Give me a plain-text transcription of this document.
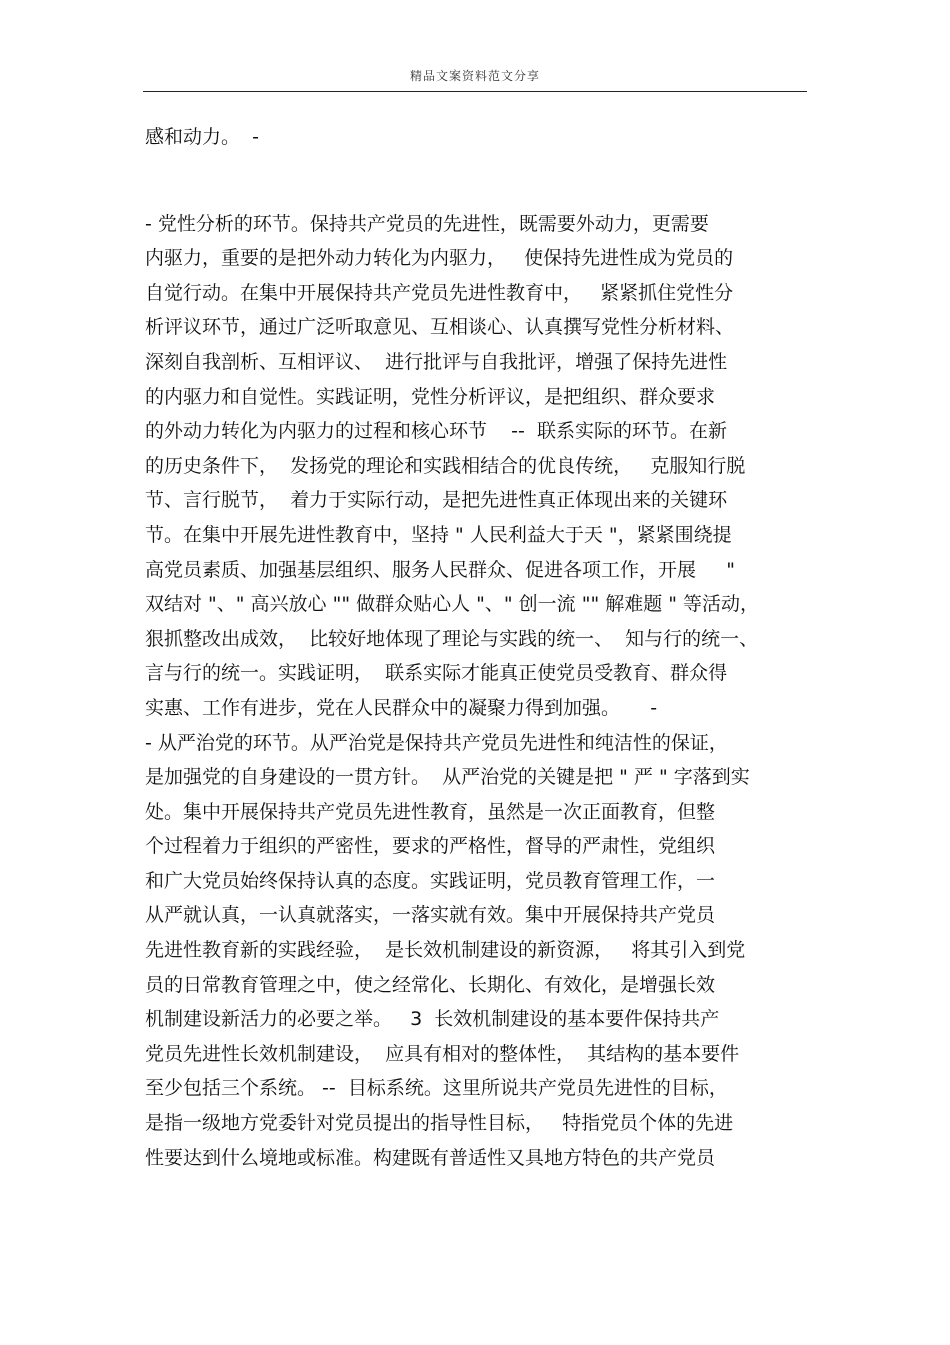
精品文案资料范文分享
感和动力。  -
- 党性分析的环节。保持共产党员的先进性，既需要外动力，更需要
内驱力，重要的是把外动力转化为内驱力，   使保持先进性成为党员的
自觉行动。在集中开展保持共产党员先进性教育中，   紧紧抓住党性分
析评议环节，通过广泛听取意见、互相谈心、认真撰写党性分析材料、
深刻自我剖析、互相评议、  进行批评与自我批评，增强了保持先进性
的内驱力和自觉性。实践证明，党性分析评议，是把组织、群众要求
的外动力转化为内驱力的过程和核心环节    --  联系实际的环节。在新
的历史条件下，  发扬党的理论和实践相结合的优良传统，   克服知行脱
节、言行脱节，  着力于实际行动，是把先进性真正体现出来的关键环
节。在集中开展先进性教育中，坚持 " 人民利益大于天 "，紧紧围绕提
高党员素质、加强基层组织、服务人民群众、促进各项工作，开展     "
双结对 "、" 高兴放心 "" 做群众贴心人 "、" 创一流 "" 解难题 " 等活动，
狠抓整改出成效，  比较好地体现了理论与实践的统一、  知与行的统一、
言与行的统一。实践证明，  联系实际才能真正使党员受教育、群众得
实惠、工作有进步，党在人民群众中的凝聚力得到加强。     -
- 从严治党的环节。从严治党是保持共产党员先进性和纯洁性的保证，
是加强党的自身建设的一贯方针。  从严治党的关键是把 " 严 " 字落到实
处。集中开展保持共产党员先进性教育，虽然是一次正面教育，但整
个过程着力于组织的严密性，要求的严格性，督导的严肃性，党组织
和广大党员始终保持认真的态度。实践证明，党员教育管理工作，一
从严就认真，一认真就落实，一落实就有效。集中开展保持共产党员
先进性教育新的实践经验，  是长效机制建设的新资源，   将其引入到党
员的日常教育管理之中，使之经常化、长期化、有效化，是增强长效
机制建设新活力的必要之举。   3  长效机制建设的基本要件保持共产
党员先进性长效机制建设，  应具有相对的整体性，  其结构的基本要件
至少包括三个系统。 --  目标系统。这里所说共产党员先进性的目标，
是指一级地方党委针对党员提出的指导性目标，   特指党员个体的先进
性要达到什么境地或标准。构建既有普适性又具地方特色的共产党员
